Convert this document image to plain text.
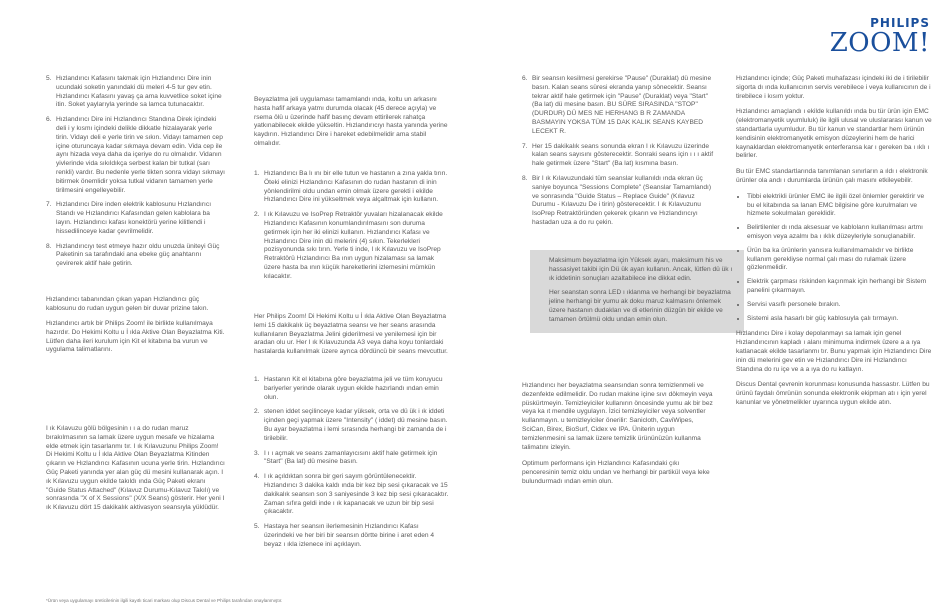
PHILIPS
ZOOM!
5. Hızlandırıcı Kafasını takmak için Hızlandırıcı Dire inin ucundaki soketin yanındaki dü meleri 4-5 tur gev etin. Hızlandırıcı Kafasını yavaş ça ama kuvvetlice soket içine itin. Soket yaylarıyla yerinde sa lamca tutunacaktır.
6. Hızlandırıcı Dire ini Hızlandırıcı Standına Direk içindeki deli i y kısmı içindeki delikle dikkatle hizalayarak yerle tirin. Vidayı deli e yerle tirin ve sıkın. Vidayı tamamen cep içine oturuncaya kadar sıkmaya devam edin. Vida cep ile aynı hizada veya daha da içeriye do ru olmalıdır. Vidanın yivlerinde vida sıkıldıkça serbest kalan bir tutkal (sarı renkli) vardır. Bu nedenle yerle tikten sonra vidayı sıkmayı bitirmek önemlidir yoksa tutkal vidanın tamamen yerle tirilmesini engelleyebilir.
7. Hızlandırıcı Dire inden elektrik kablosunu Hızlandırıcı Standı ve Hızlandırıcı Kafasından gelen kablolara ba layın. Hızlandırıcı kafası konektörü yerine kilitlendi i hissedilinceye kadar çevrilmelidir.
8. Hızlandırıcıyı test etmeye hazır oldu unuzda üniteyi Güç Paketinin sa tarafındaki ana ebeke güç anahtarını çevirerek aktif hale getirin.

Hızlandırıcı tabanından çıkan yapan Hızlandırıcı güç kablosunu do rudan uygun gelen bir duvar prizine takın.

Hızlandırıcı artık bir Philips Zoom! ile birlikte kullanılmaya hazırdır. Do Hekimi Koltu u İ ıkla Aktive Olan Beyazlatma Kiti. Lütfen daha ileri kurulum için Kit el kitabına ba vurun ve uygulama talimatlarını.

I ık Kılavuzu gölü bölgesinin ı ı a do rudan maruz bırakılmasının sa lamak üzere uygun mesafe ve hizalama elde etmek için tasarlanmı tır. I ık Kılavuzunu Philips Zoom! Di Hekimi Koltu u İ ıkla Aktive Olan Beyazlatma Kitinden çıkarın ve Hızlandırıcı Kafasının ucuna yerle tirin. Hızlandırıcı Güç Paketi yanında yer alan güç dü mesini kullanarak açın. I ık Kılavuzu uygun ekilde takıldı ında Güç Paketi ekranı "Guide Status Attached" (Kılavuz Durumu-Kılavuz Takılı) ve sonrasında "X of X Sessions" (X/X Seans) gösterir. Her yeni I ık Kılavuzu dört 15 dakikalık aktivasyon seansıyla yüklüdür.

Beyazlatma jeli uygulaması tamamlandı ında, koltu un arkasını hasta hafif arkaya yatmı durumda olacak (45 derece açıyla) ve rsema ölü u üzerinde hafif basınç devam ettirilerek rahatça yatkınabilecek ekilde yükseltin. Hızlandırıcıyı hasta yanında yerine kaydırın. Hızlandırıcı Dire i hareket edebilmelidir ama stabil olmalıdır.

1. Hızlandırıcı Ba lı ını bir elle tutun ve hastanın a zına yakla tırın. Öteki elinizi Hızlandırıcı Kafasının do rudan hastanın di inin yönlendirilmi oldu undan emin olmak üzere gerekti i ekilde Hızlandırıcı Dire ini yükseltmek veya alçaltmak için kullanın.
2. I ık Kılavuzu ve IsoPrep Retraktör yuvaları hizalanacak ekilde Hızlandırıcı Kafasının konumlandırılmasını son duruma getirmek için her iki elinizi kullanın. Hızlandırıcı Kafası ve Hızlandırıcı Dire inin dü melerini (4) sıkın. Tekerlekleri pozisyonunda sıkı tırın. Yerle ti inde, I ık Kılavuzu ve IsoPrep Retraktörü Hızlandırıcı Ba ının uygun hizalaması sa lamak üzere hasta ba ının küçük hareketlerini izlemesini mümkün kılacaktır.

Her Philips Zoom! Di Hekimi Koltu u İ ıkla Aktive Olan Beyazlatma lemi 15 dakikalık üç beyazlatma seansı ve her seans arasında kullanılanın Beyazlatma Jelini giderilmesi ve yenilemesi için bir aradan olu ur. Her I ık Kılavuzunda A3 veya daha koyu tonlardaki hastalarda kullanılmak üzere ayrıca dördüncü bir seans mevcuttur.

1. Hastanın Kit el kitabına göre beyazlatma jeli ve tüm koruyucu bariyerler yerinde olarak uygun ekilde hazırlandı ından emin olun.
2. stenen iddet seçilinceye kadar yüksek, orta ve dü ük i ık iddeti içinden geçi yapmak üzere "Intensity" ( iddet) dü mesine basın. Bu ayar beyazlatma i lemi sırasında herhangi bir zamanda de i tirilebilir.
3. I ı ı açmak ve seans zamanlayıcısını aktif hale getirmek için "Start" (Ba lat) dü mesine basın.
4. I ık açıldıktan sonra bir geri sayım görüntülenecektir. Hızlandırıcı 3 dakika kaldı ında bir kez bip sesi çıkaracak ve 15 dakikalık seansın son 3 saniyesinde 3 kez bip sesi çıkaracaktır. Zaman sıfıra geldi inde ı ık kapanacak ve uzun bir bip sesi çıkacaktır.
5. Hastaya her seansın ilerlemesinin Hızlandırıcı Kafası üzerindeki ve her biri bir seansın dörtte birine i aret eden 4 beyaz ı ıkla izlenece ini açıklayın.
6. Bir seansın kesilmesi gerekirse "Pause" (Duraklat) dü mesine basın. Kalan seans süresi ekranda yanıp sönecektir. Seansı tekrar aktif hale getirmek için "Pause" (Duraklat) veya "Start" (Ba lat) dü mesine basın. BU SÜRE SIRASINDA "STOP" (DURDUR) DÜ MES NE HERHANG B R ZAMANDA BASMAYIN YOKSA TÜM 15 DAK KALIK SEANS KAYBED LECEKT R.
7. Her 15 dakikalık seans sonunda ekran I ık Kılavuzu üzerinde kalan seans sayısını gösterecektir. Sonraki seans için ı ı ı aktif hale getirmek üzere "Start" (Ba lat) kısmına basın.
8. Bir I ık Kılavuzundaki tüm seanslar kullanıldı ında ekran üç saniye boyunca "Sessions Complete" (Seanslar Tamamlandı) ve sonrasında "Guide Status – Replace Guide" (Kılavuz Durumu - Kılavuzu De i tirin) gösterecektir. I ık Kılavuzunu IsoPrep Retraktöründen çekerek çıkarın ve Hızlandırıcıyı hastadan uza a do ru çekin.

Maksimum beyazlatma için Yüksek ayarı, maksimum his ve hassasiyet takibi için Dü ük ayarı kullanın. Ancak, lütfen dü ük ı ık iddetinin sonuçları azaltabilece ine dikkat edin.

Her seanstan sonra LED ı ıklanma ve herhangi bir beyazlatma jeline herhangi bir yumu ak doku maruz kalmasını önlemek üzere hastanın dudakları ve di etlerinin düzgün bir ekilde ve tamamen örtülmü oldu undan emin olun.

Hızlandırıcı her beyazlatma seansından sonra temizlenmeli ve dezenfekte edilmelidir. Do rudan makine içine sıvı dökmeyin veya püskürtmeyin. Temizleyiciler kullanırın öncesinde yumu ak bir bez veya ka ıt mendile uygulayın. İzici temizleyiciler veya solventler kullanmayın. u temizleyiciler önerilir: Sanicloth, CaviWipes, SciCan, Birex, BioSurf, Cidex ve IPA. Üniterin uygun temizlenmesini sa lamak üzere temizlik ürününüzün kullanma talimatını izleyin.

Optimum performans için Hızlandırıcı Kafasındaki çıkı penceresinin temiz oldu undan ve herhangi bir partikül veya leke bulundurmadı ından emin olun.

Hızlandırıcı içinde; Güç Paketi muhafazası içindeki iki de i tirilebilir sigorta dı ında kullanıcının servis verebilece i veya kullanıcının de i tirebilece i kısım yoktur.

Hızlandırıcı amaçlandı ı ekilde kullanıldı ında bu tür ürün için EMC (elektromanyetik uyumluluk) ile ilgili ulusal ve uluslararası kanun ve standartlarla uyumludur. Bu tür kanun ve standartlar hem ürünün kendisinin elektromanyetik emisyon düzeylerini hem de harici kaynaklardan elektromanyetik enterferansa kar ı gereken ba ı ıklı ı belirler.

Bu tür EMC standartlarında tanımlanan sınırların a ıldı ı elektronik ürünler ola andı ı durumlarda ürünün çalı masını etkileyebilir.

• Tibbi elektrikli ürünler EMC ile ilgili özel önlemler gerektirir ve bu el kitabında sa lanan EMC bilgisine göre kurulmaları ve hizmete sokulmaları gereklidir.
• Belirtilenler dı ında aksesuar ve kabloların kullanılması artmı emisyon veya azalmı ba ı ıklık düzeyleriyle sonuçlanabilir.
• Ürün ba ka ürünlerin yanısıra kullanılmamalıdır ve birlikte kullanım gerekliyse normal çalı ması do rulamak üzere gözlenmelidir.
• Elektrik çarpması riskinden kaçınmak için herhangi bir Sistem panelini çıkarmayın.
• Servisi vasıflı personele bırakın.
• Sistemi asla hasarlı bir güç kablosuyla çalı tırmayın.

Hızlandırıcı Dire i kolay depolanmayı sa lamak için genel Hızlandırıcının kapladı ı alanı minimuma indirmek üzere a a ıya katlanacak ekilde tasarlanmı tır. Bunu yapmak için Hızlandırıcı Dire inin dü melerini gev etin ve Hızlandırıcı Dire ini Hızlandırıcı Standına do ru içe ve a a ıya do ru katlayın.

Discus Dental çevrenin korunması konusunda hassastır. Lütfen bu ürünü faydalı ömrünün sonunda elektronik ekipman atı ı için yerel kanunlar ve yönetmelikler uyarınca uygun ekilde atın.

*Ürün veya uygulamayı üreticilerinin ilgili kayıtlı ticari markası olup Discus Dental ve Philips tarafından onaylanmıştır.
